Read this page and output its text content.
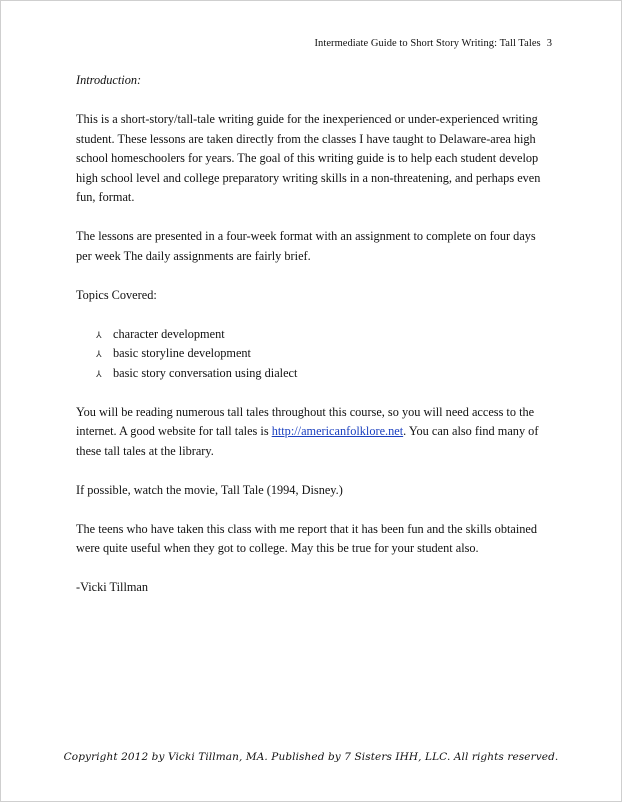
Intermediate Guide to Short Story Writing: Tall Tales 3

Introduction:

This is a short-story/tall-tale writing guide for the inexperienced or under-experienced writing student. These lessons are taken directly from the classes I have taught to Delaware-area high school homeschoolers for years. The goal of this writing guide is to help each student develop high school level and college preparatory writing skills in a non-threatening, and perhaps even fun, format.

The lessons are presented in a four-week format with an assignment to complete on four days per week The daily assignments are fairly brief.

Topics Covered:

⅄ character development
⅄ basic storyline development
⅄ basic story conversation using dialect

You will be reading numerous tall tales throughout this course, so you will need access to the internet. A good website for tall tales is http://americanfolklore.net. You can also find many of these tall tales at the library.

If possible, watch the movie, Tall Tale (1994, Disney.)

The teens who have taken this class with me report that it has been fun and the skills obtained were quite useful when they got to college. May this be true for your student also.

-Vicki Tillman

Copyright 2012 by Vicki Tillman, MA. Published by 7 Sisters IHH, LLC. All rights reserved.
